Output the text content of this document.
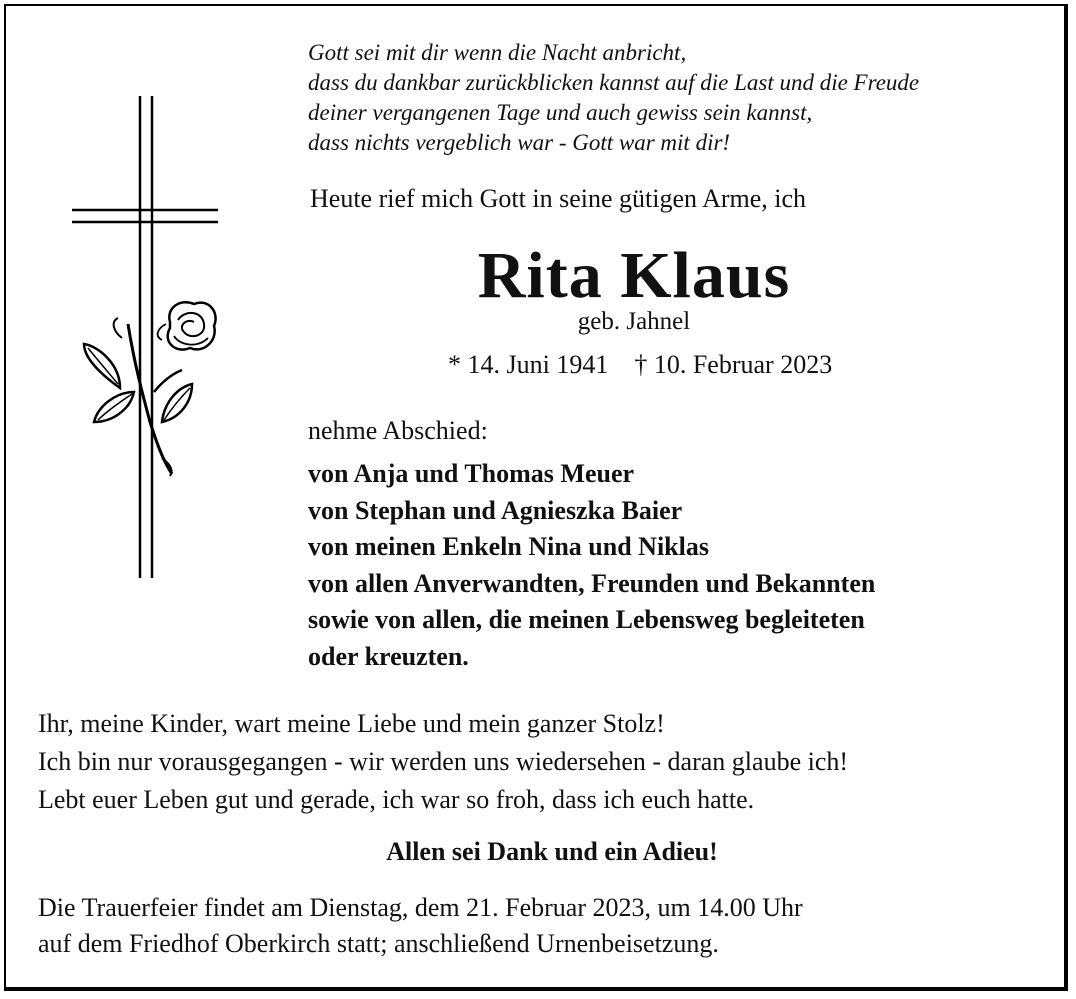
Gott sei mit dir wenn die Nacht anbricht,
dass du dankbar zurückblicken kannst auf die Last und die Freude
deiner vergangenen Tage und auch gewiss sein kannst,
dass nichts vergeblich war - Gott war mit dir!

Heute rief mich Gott in seine gütigen Arme, ich

Rita Klaus

geb. Jahnel

* 14. Juni 1941 † 10. Februar 2023

nehme Abschied:

von Anja und Thomas Meuer
von Stephan und Agnieszka Baier
von meinen Enkeln Nina und Niklas
von allen Anverwandten, Freunden und Bekannten
sowie von allen, die meinen Lebensweg begleiteten
oder kreuzten.
Ihr, meine Kinder, wart meine Liebe und mein ganzer Stolz!
Ich bin nur vorausgegangen - wir werden uns wiedersehen - daran glaube ich!
Lebt euer Leben gut und gerade, ich war so froh, dass ich euch hatte.

Allen sei Dank und ein Adieu!

Die Trauerfeier findet am Dienstag, dem 21. Februar 2023, um 14.00 Uhr
auf dem Friedhof Oberkirch statt; anschließend Urnenbeisetzung.
